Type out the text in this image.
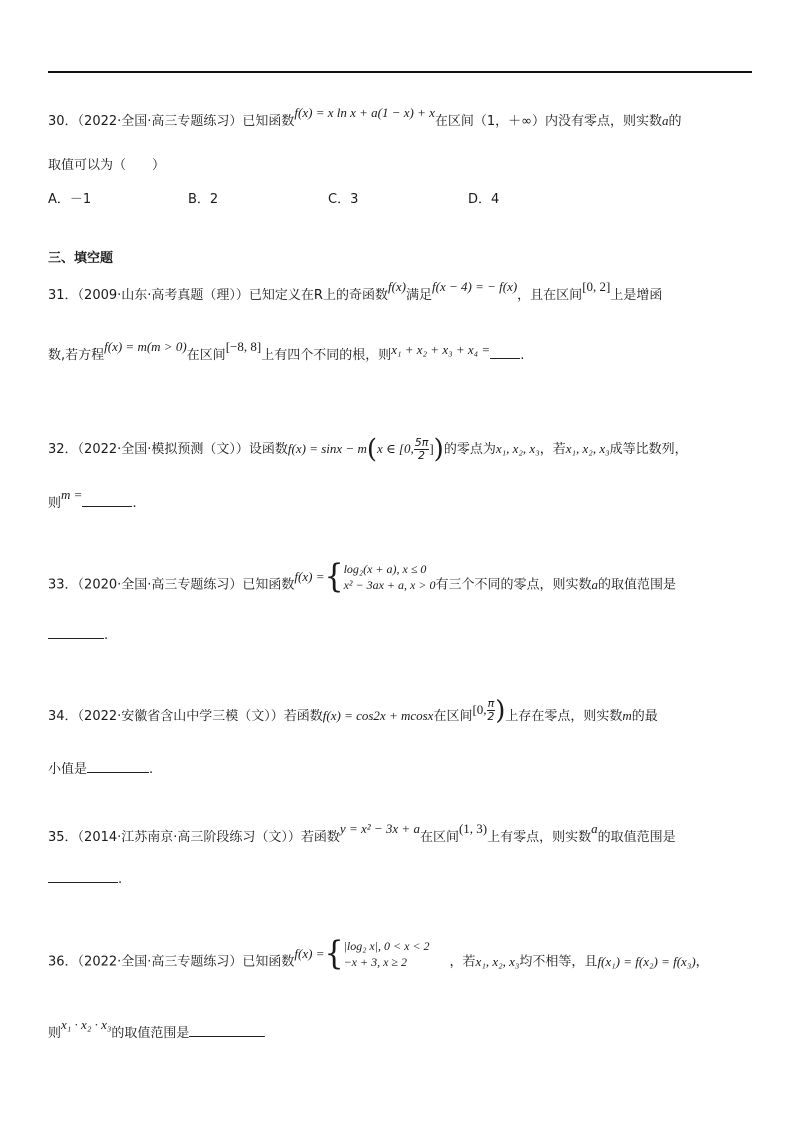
30．（2022·全国·高三专题练习）已知函数f(x) = x ln x + a(1 − x) + x在区间（1，＋∞）内没有零点，则实数a的
取值可以为（　　）
A．－1	B．2	C．3	D．4
三、填空题
31．（2009·山东·高考真题（理））已知定义在R上的奇函数f(x)满足f(x − 4) = − f(x)，且在区间[0, 2]上是增函
数,若方程f(x) = m(m > 0)在区间[−8, 8]上有四个不同的根，则x₁ + x₂ + x₃ + x₄ = .
32．（2022·全国·模拟预测（文））设函数f(x) = sinx − m(x ∈ [0, $\frac{5\pi}{2}$ ])的零点为x₁, x₂, x₃，若x₁, x₂, x₃成等比数列，
则m =.
33．（2020·全国·高三专题练习）已知函数f(x) ={ log₂(x + a), x ≤ 0
x² − 3ax + a, x > 0 有三个不同的零点，则实数a的取值范围是
.
34．（2022·安徽省含山中学三模（文））若函数f(x) = cos2x + mcosx在区间[0, $\frac{\pi}{2}$ )上存在零点，则实数m的最
小值是	.
35．（2014·江苏南京·高三阶段练习（文））若函数y = x² − 3x + a在区间(1, 3)上有零点，则实数a的取值范围是
.
36．（2022·全国·高三专题练习）已知函数f(x) ={ |log₂ x|, 0 < x < 2
−x + 3, x ≥ 2	，若x₁, x₂, x₃均不相等，且f(x₁) = f(x₂) = f(x₃)，
则x₁ · x₂ · x₃的取值范围是
